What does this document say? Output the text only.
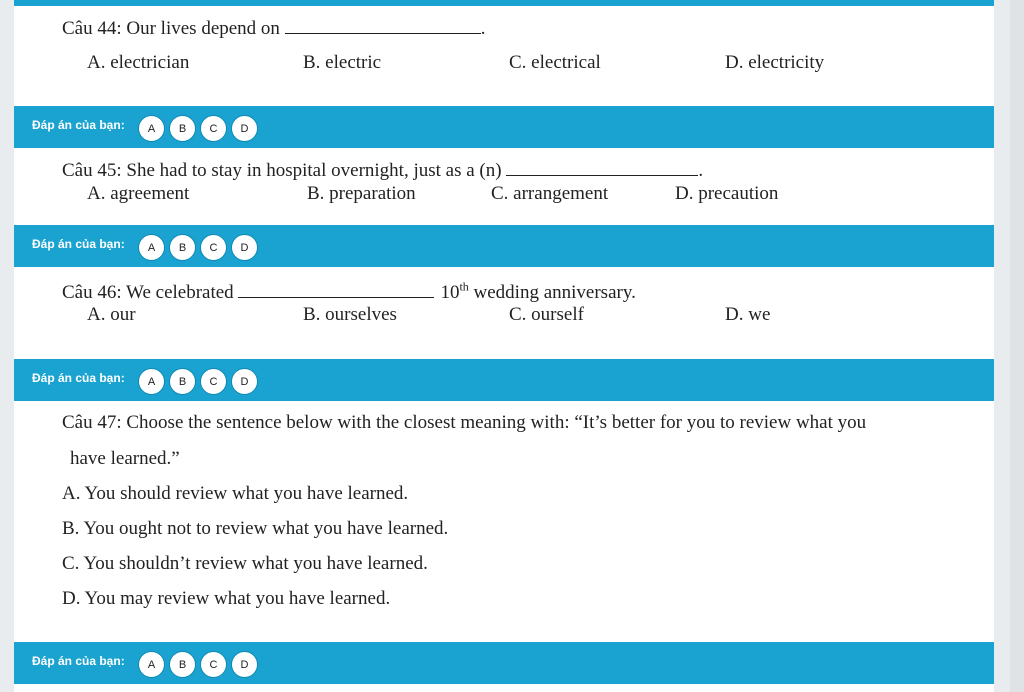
Câu 44: Our lives depend on	.
A. electrician	B. electric	C. electrical	D. electricity
Đáp án của bạn:	A	B	C	D
Câu 45: She had to stay in hospital overnight, just as a (n)	.
A. agreement	B. preparation	C. arrangement	D. precaution
Đáp án của bạn:	A	B	C	D
Câu 46: We celebrated	10th wedding anniversary.
A. our	B. ourselves	C. ourself	D. we
Đáp án của bạn:	A	B	C	D
Câu 47: Choose the sentence below with the closest meaning with: “It’s better for you to review what you
have learned.”
A. You should review what you have learned.
B. You ought not to review what you have learned.
C. You shouldn’t review what you have learned.
D. You may review what you have learned.
Đáp án của bạn:	A	B	C	D
